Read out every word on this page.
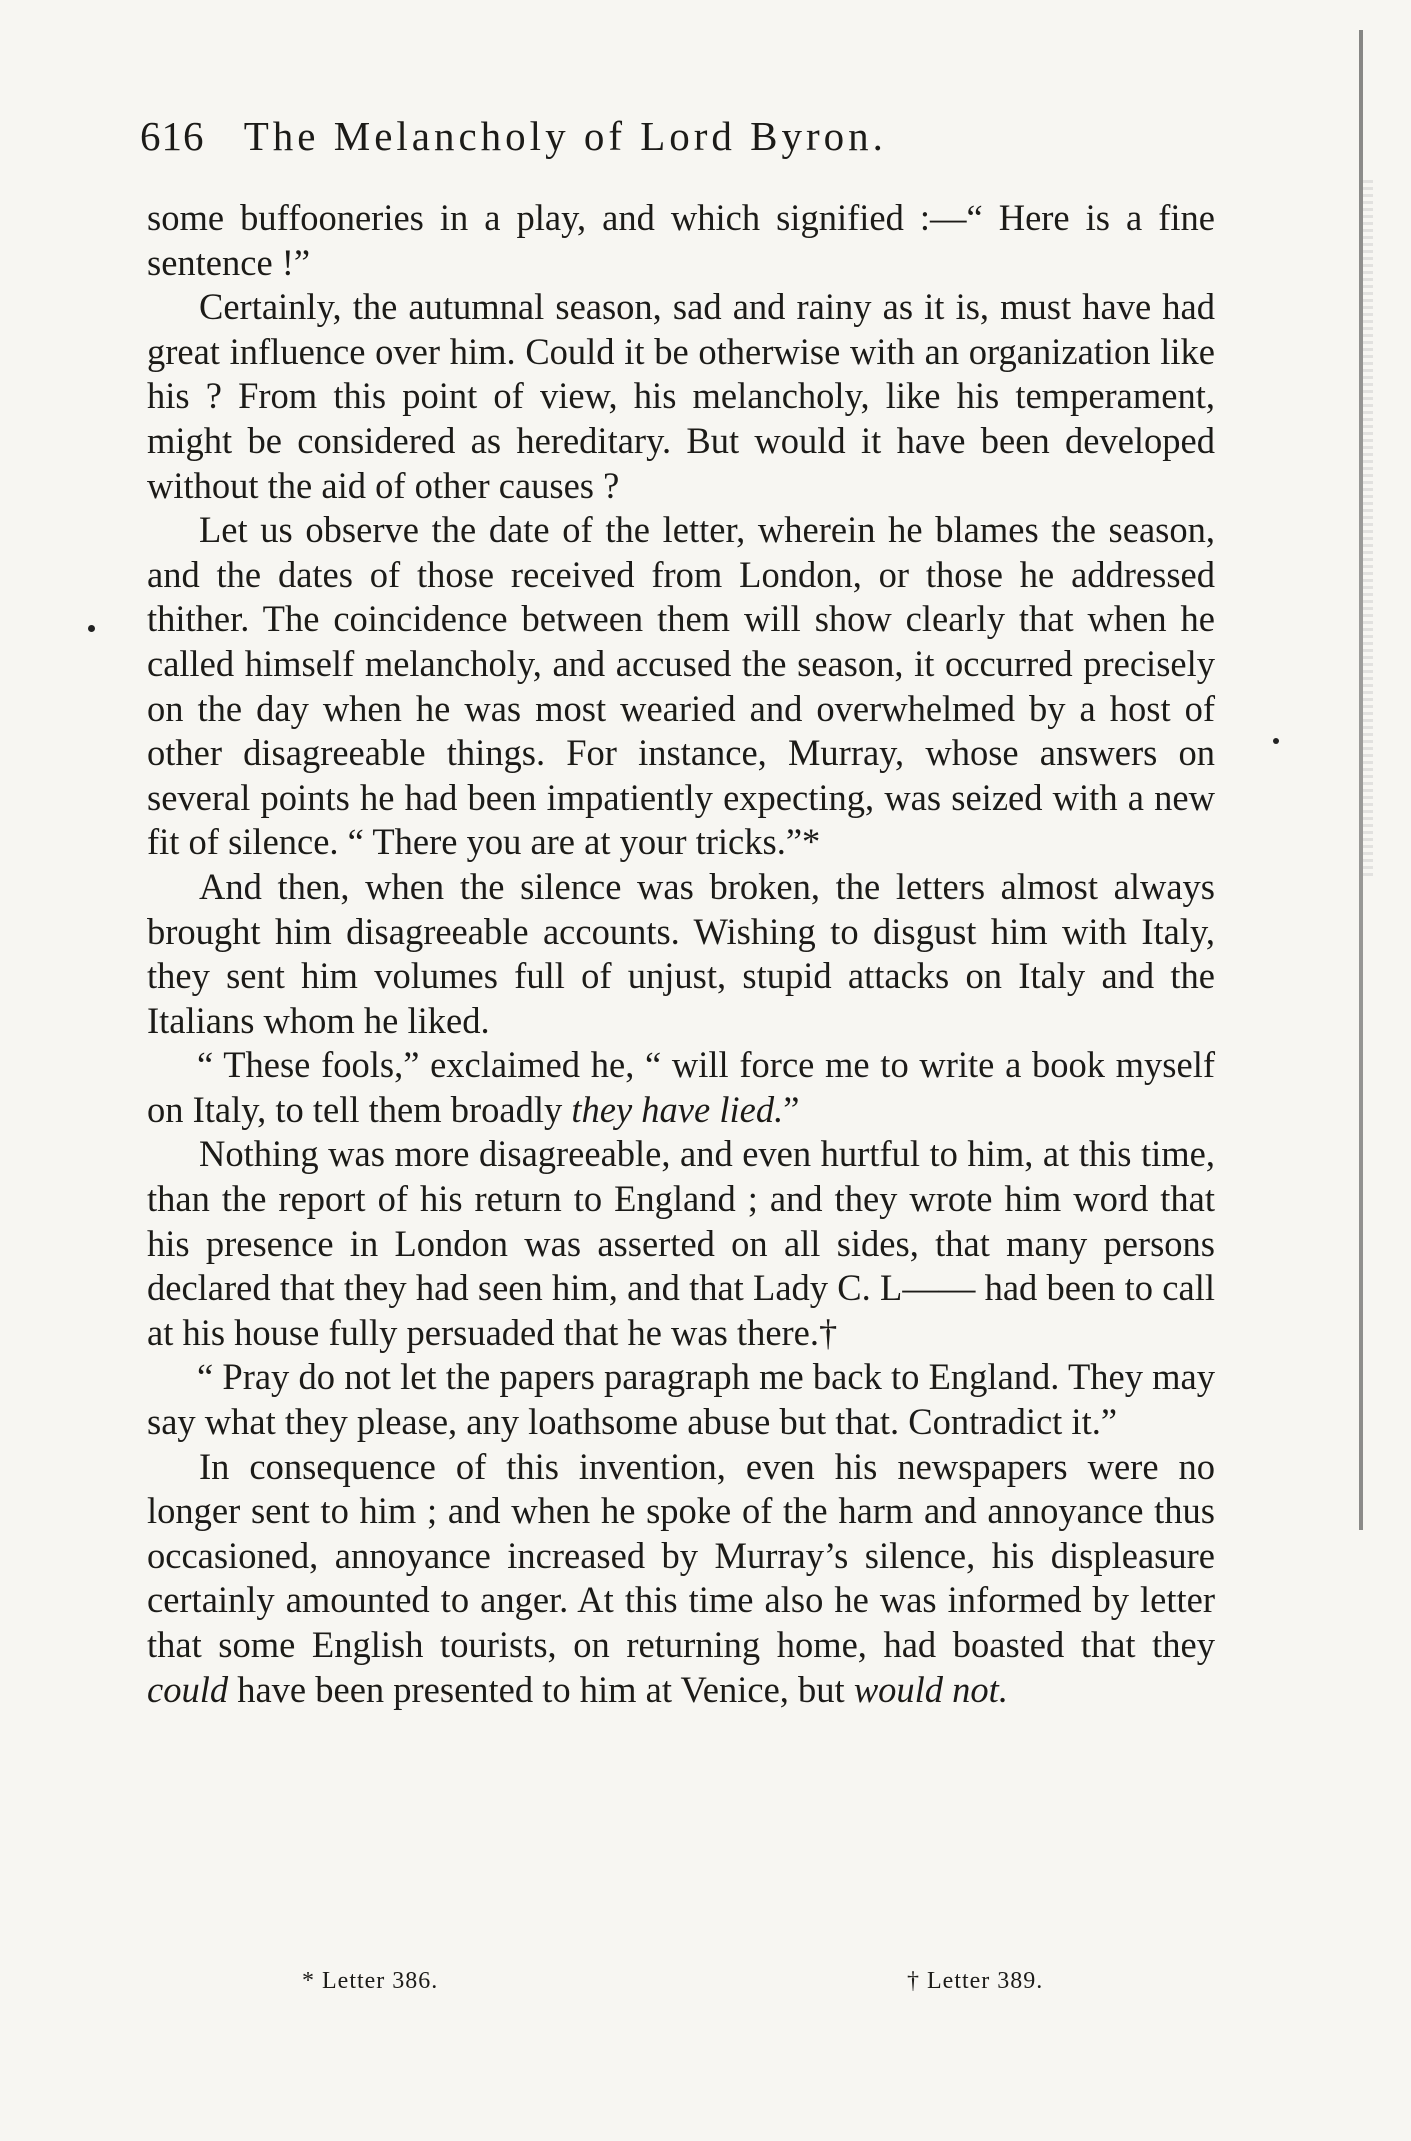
616 The Melancholy of Lord Byron.

some buffooneries in a play, and which signified :—“ Here is a fine sentence !”

Certainly, the autumnal season, sad and rainy as it is, must have had great influence over him. Could it be otherwise with an organization like his ? From this point of view, his melancholy, like his temperament, might be considered as hereditary. But would it have been developed without the aid of other causes ?

Let us observe the date of the letter, wherein he blames the season, and the dates of those received from London, or those he addressed thither. The coincidence between them will show clearly that when he called himself melancholy, and accused the season, it occurred precisely on the day when he was most wearied and overwhelmed by a host of other disagreeable things. For instance, Murray, whose answers on several points he had been impatiently expecting, was seized with a new fit of silence. “ There you are at your tricks.”*

And then, when the silence was broken, the letters almost always brought him disagreeable accounts. Wishing to disgust him with Italy, they sent him volumes full of unjust, stupid attacks on Italy and the Italians whom he liked.

“ These fools,” exclaimed he, “ will force me to write a book myself on Italy, to tell them broadly they have lied.”

Nothing was more disagreeable, and even hurtful to him, at this time, than the report of his return to England ; and they wrote him word that his presence in London was asserted on all sides, that many persons declared that they had seen him, and that Lady C. L—— had been to call at his house fully persuaded that he was there.†

“ Pray do not let the papers paragraph me back to England. They may say what they please, any loathsome abuse but that. Contradict it.”

In consequence of this invention, even his newspapers were no longer sent to him ; and when he spoke of the harm and annoyance thus occasioned, annoyance increased by Murray’s silence, his displeasure certainly amounted to anger. At this time also he was informed by letter that some English tourists, on returning home, had boasted that they could have been presented to him at Venice, but would not.

* Letter 386.	† Letter 389.
